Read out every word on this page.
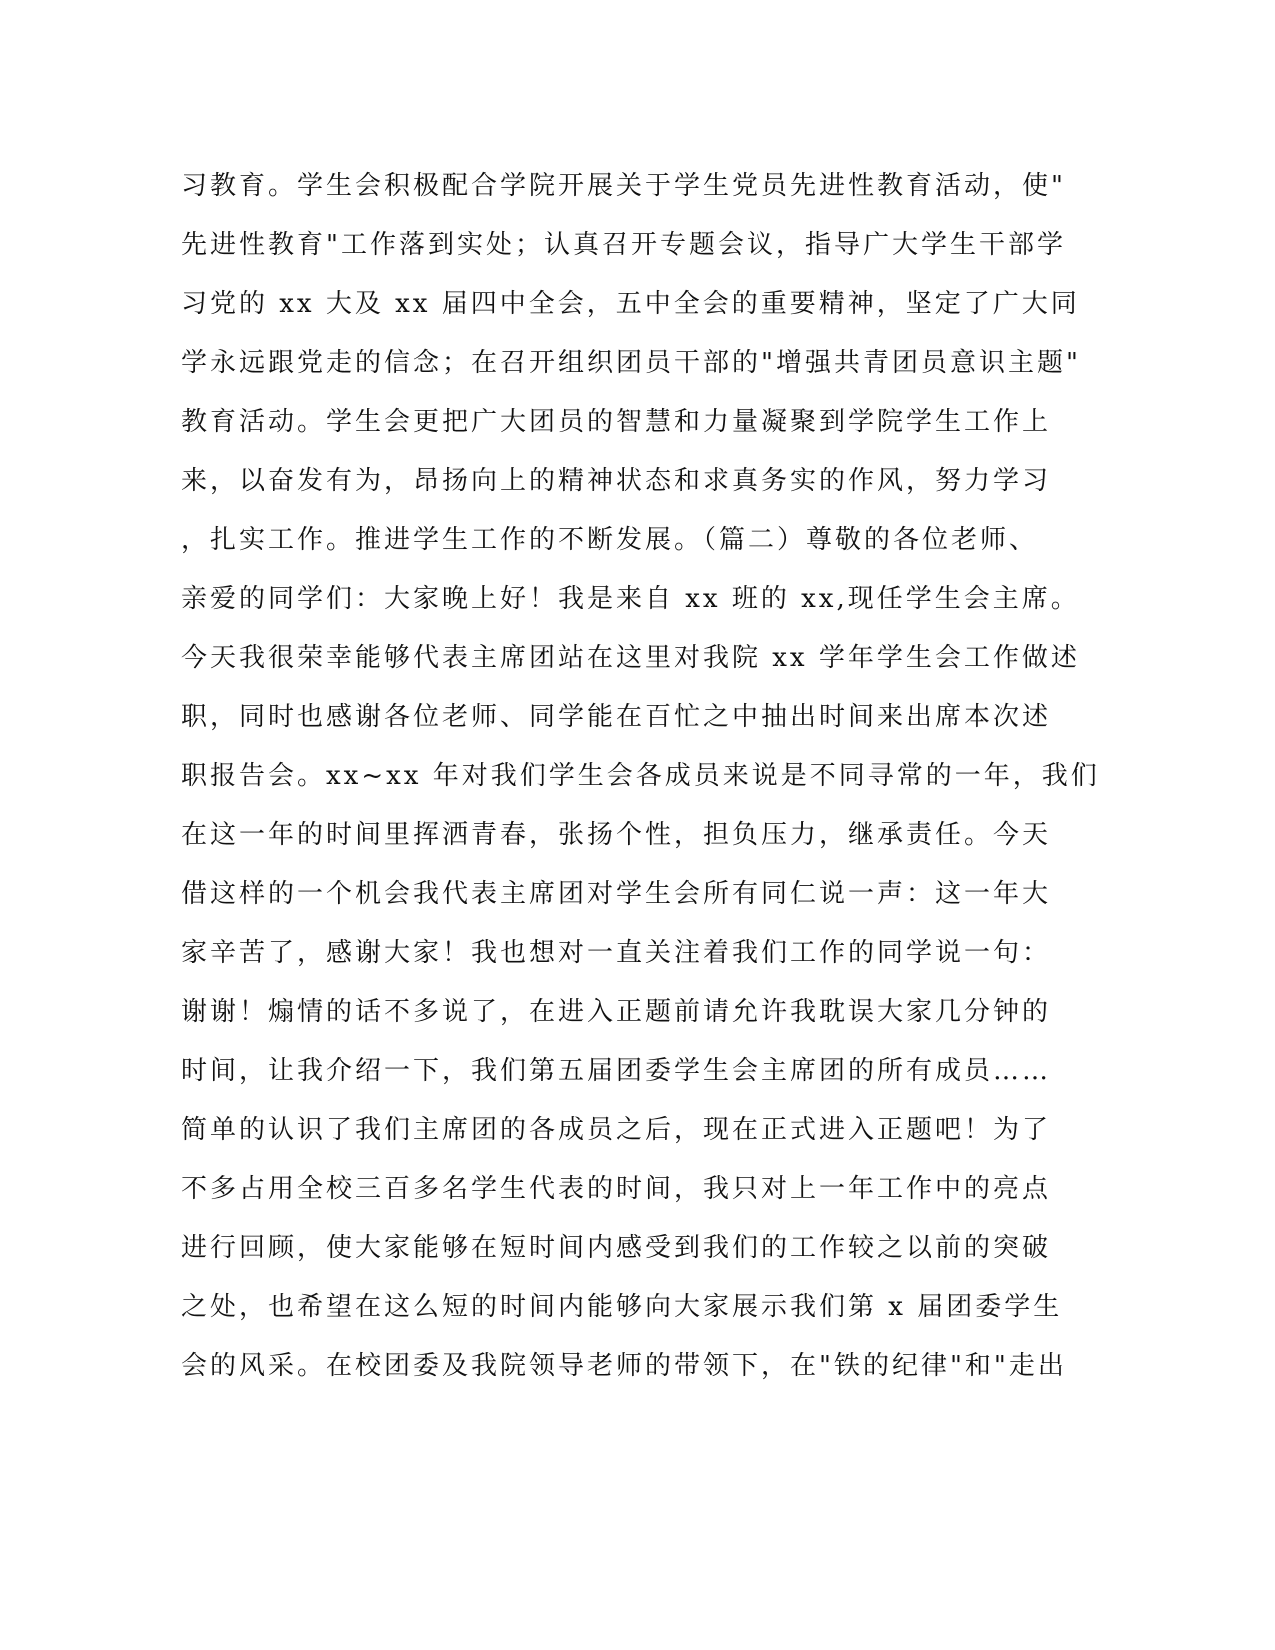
习教育。学生会积极配合学院开展关于学生党员先进性教育活动，使"
先进性教育"工作落到实处；认真召开专题会议，指导广大学生干部学
习党的 xx 大及 xx 届四中全会，五中全会的重要精神，坚定了广大同
学永远跟党走的信念；在召开组织团员干部的"增强共青团员意识主题"
教育活动。学生会更把广大团员的智慧和力量凝聚到学院学生工作上
来，以奋发有为，昂扬向上的精神状态和求真务实的作风，努力学习
，扎实工作。推进学生工作的不断发展。（篇二）尊敬的各位老师、
亲爱的同学们：大家晚上好！我是来自 xx 班的 xx,现任学生会主席。
今天我很荣幸能够代表主席团站在这里对我院 xx 学年学生会工作做述
职，同时也感谢各位老师、同学能在百忙之中抽出时间来出席本次述
职报告会。xx~xx 年对我们学生会各成员来说是不同寻常的一年，我们
在这一年的时间里挥洒青春，张扬个性，担负压力，继承责任。今天
借这样的一个机会我代表主席团对学生会所有同仁说一声：这一年大
家辛苦了，感谢大家！我也想对一直关注着我们工作的同学说一句：
谢谢！煽情的话不多说了，在进入正题前请允许我耽误大家几分钟的
时间，让我介绍一下，我们第五届团委学生会主席团的所有成员……
简单的认识了我们主席团的各成员之后，现在正式进入正题吧！为了
不多占用全校三百多名学生代表的时间，我只对上一年工作中的亮点
进行回顾，使大家能够在短时间内感受到我们的工作较之以前的突破
之处，也希望在这么短的时间内能够向大家展示我们第 x 届团委学生
会的风采。在校团委及我院领导老师的带领下，在"铁的纪律"和"走出
